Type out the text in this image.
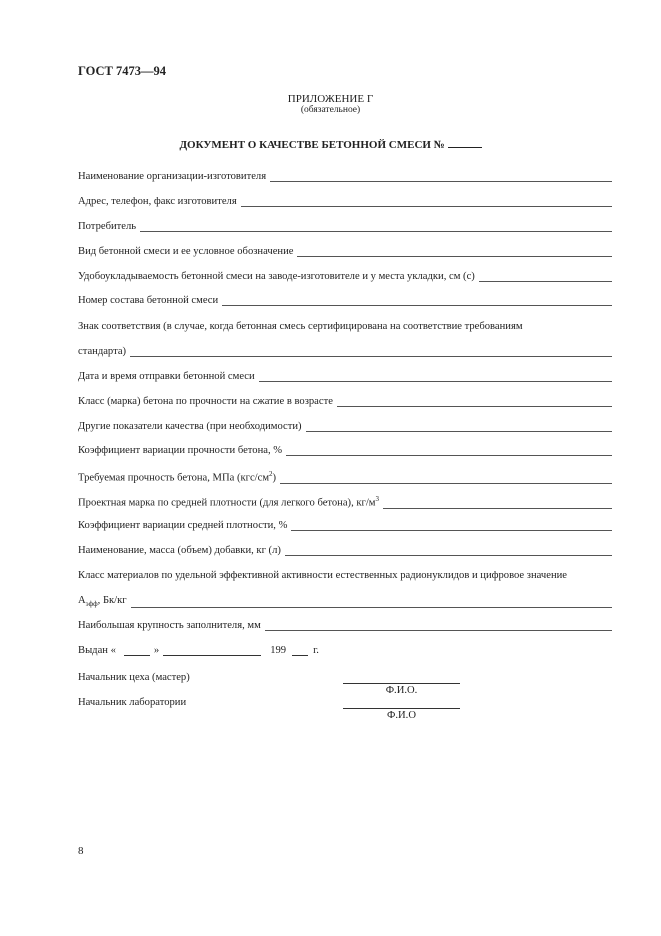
ГОСТ 7473—94
ПРИЛОЖЕНИЕ Г
(обязательное)
ДОКУМЕНТ О КАЧЕСТВЕ БЕТОННОЙ СМЕСИ №
Наименование организации-изготовителя
Адрес, телефон, факс изготовителя
Потребитель
Вид бетонной смеси и ее условное обозначение
Удобоукладываемость бетонной смеси на заводе-изготовителе и у места укладки, см (с)
Номер состава бетонной смеси
Знак соответствия (в случае, когда бетонная смесь сертифицирована на соответствие требованиям
стандарта)
Дата и время отправки бетонной смеси
Класс (марка) бетона по прочности на сжатие в возрасте
Другие показатели качества (при необходимости)
Коэффициент вариации прочности бетона, %
Требуемая прочность бетона, МПа $(кгс/см^2)$
Проектная марка по средней плотности (для легкого бетона), $кг/м^3$
Коэффициент вариации средней плотности, %
Наименование, масса (объем) добавки, кг (л)
Класс материалов по удельной эффективной активности естественных радионуклидов и цифровое значение
$А_{эфф}$, Бк/кг
Наибольшая крупность заполнителя, мм
Выдан «	»	199	г.
Начальник цеха (мастер)
Ф.И.О.
Начальник лаборатории
Ф.И.О
8
